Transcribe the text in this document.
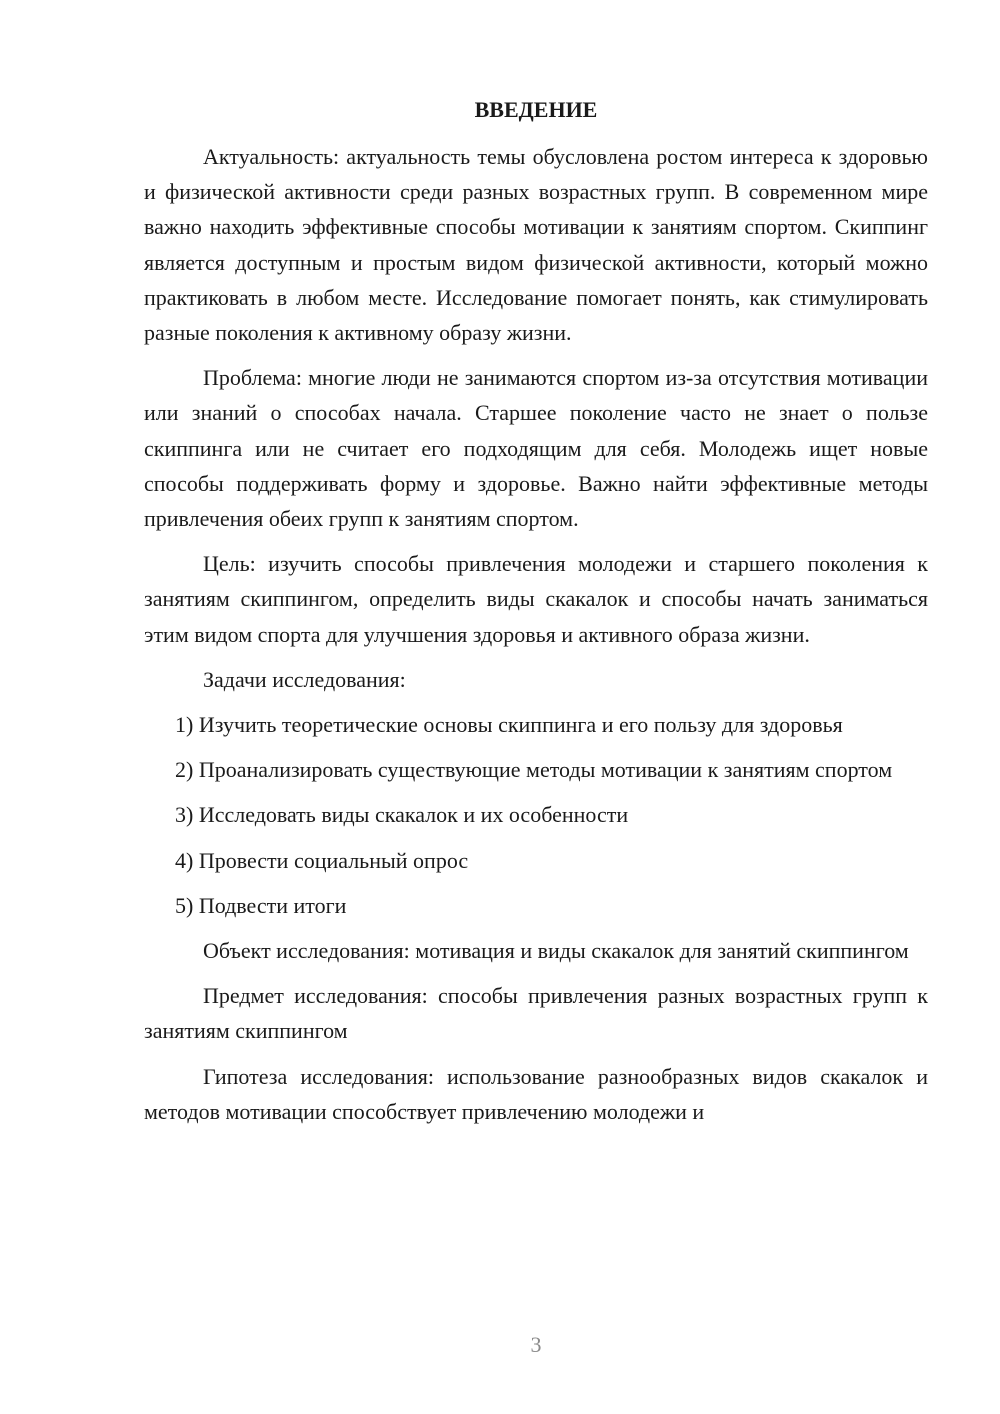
ВВЕДЕНИЕ

Актуальность: актуальность темы обусловлена ростом интереса к здоровью и физической активности среди разных возрастных групп. В современном мире важно находить эффективные способы мотивации к занятиям спортом. Скиппинг является доступным и простым видом физической активности, который можно практиковать в любом месте. Исследование помогает понять, как стимулировать разные поколения к активному образу жизни.

Проблема: многие люди не занимаются спортом из-за отсутствия мотивации или знаний о способах начала. Старшее поколение часто не знает о пользе скиппинга или не считает его подходящим для себя. Молодежь ищет новые способы поддерживать форму и здоровье. Важно найти эффективные методы привлечения обеих групп к занятиям спортом.

Цель: изучить способы привлечения молодежи и старшего поколения к занятиям скиппингом, определить виды скакалок и способы начать заниматься этим видом спорта для улучшения здоровья и активного образа жизни.

Задачи исследования:

1) Изучить теоретические основы скиппинга и его пользу для здоровья

2) Проанализировать существующие методы мотивации к занятиям спортом

3) Исследовать виды скакалок и их особенности

4) Провести социальный опрос

5) Подвести итоги

Объект исследования: мотивация и виды скакалок для занятий скиппингом

Предмет исследования: способы привлечения разных возрастных групп к занятиям скиппингом

Гипотеза исследования: использование разнообразных видов скакалок и методов мотивации способствует привлечению молодежи и

3
